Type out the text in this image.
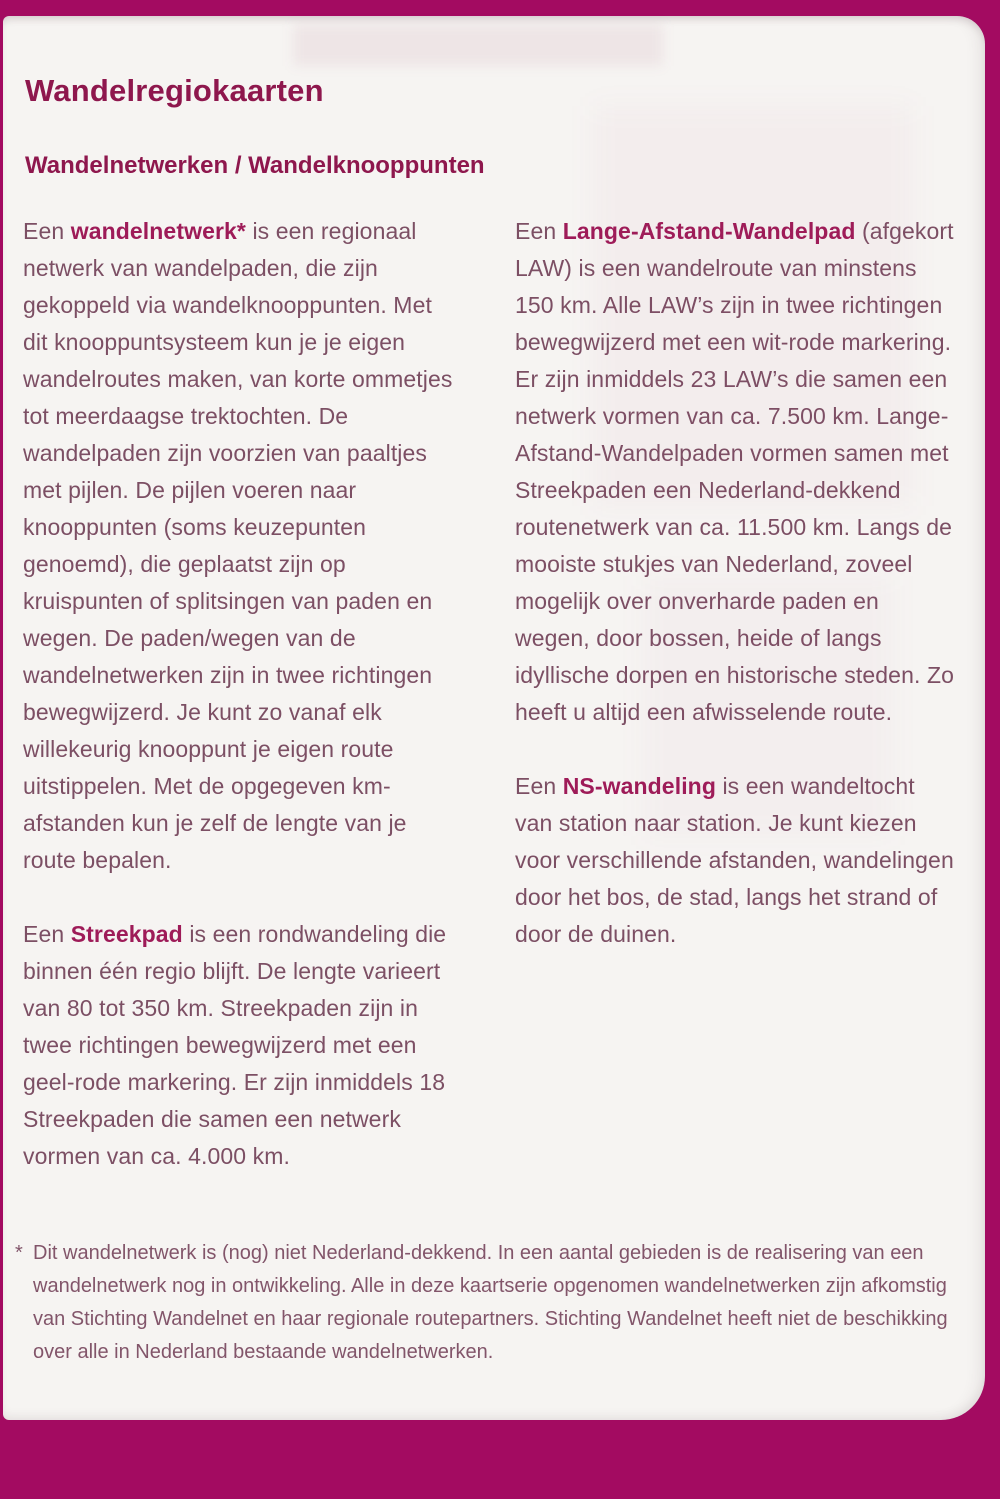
Wandelregiokaarten
Wandelnetwerken / Wandelknooppunten

Een wandelnetwerk* is een regionaal netwerk van wandelpaden, die zijn gekoppeld via wandelknooppunten. Met dit knooppuntsysteem kun je je eigen wandelroutes maken, van korte ommetjes tot meerdaagse trektochten. De wandelpaden zijn voorzien van paaltjes met pijlen. De pijlen voeren naar knooppunten (soms keuzepunten genoemd), die geplaatst zijn op kruispunten of splitsingen van paden en wegen. De paden/wegen van de wandelnetwerken zijn in twee richtingen bewegwijzerd. Je kunt zo vanaf elk willekeurig knooppunt je eigen route uitstippelen. Met de opgegeven km-afstanden kun je zelf de lengte van je route bepalen.

Een Streekpad is een rondwandeling die binnen één regio blijft. De lengte varieert van 80 tot 350 km. Streekpaden zijn in twee richtingen bewegwijzerd met een geel-rode markering. Er zijn inmiddels 18 Streekpaden die samen een netwerk vormen van ca. 4.000 km.

Een Lange-Afstand-Wandelpad (afgekort LAW) is een wandelroute van minstens 150 km. Alle LAW’s zijn in twee richtingen bewegwijzerd met een wit-rode markering. Er zijn inmiddels 23 LAW’s die samen een netwerk vormen van ca. 7.500 km. Lange-Afstand-Wandelpaden vormen samen met Streekpaden een Nederland-dekkend routenetwerk van ca. 11.500 km. Langs de mooiste stukjes van Nederland, zoveel mogelijk over onverharde paden en wegen, door bossen, heide of langs idyllische dorpen en historische steden. Zo heeft u altijd een afwisselende route.

Een NS-wandeling is een wandeltocht van station naar station. Je kunt kiezen voor verschillende afstanden, wandelingen door het bos, de stad, langs het strand of door de duinen.

* Dit wandelnetwerk is (nog) niet Nederland-dekkend. In een aantal gebieden is de realisering van een wandelnetwerk nog in ontwikkeling. Alle in deze kaartserie opgenomen wandelnetwerken zijn afkomstig van Stichting Wandelnet en haar regionale routepartners. Stichting Wandelnet heeft niet de beschikking over alle in Nederland bestaande wandelnetwerken.
